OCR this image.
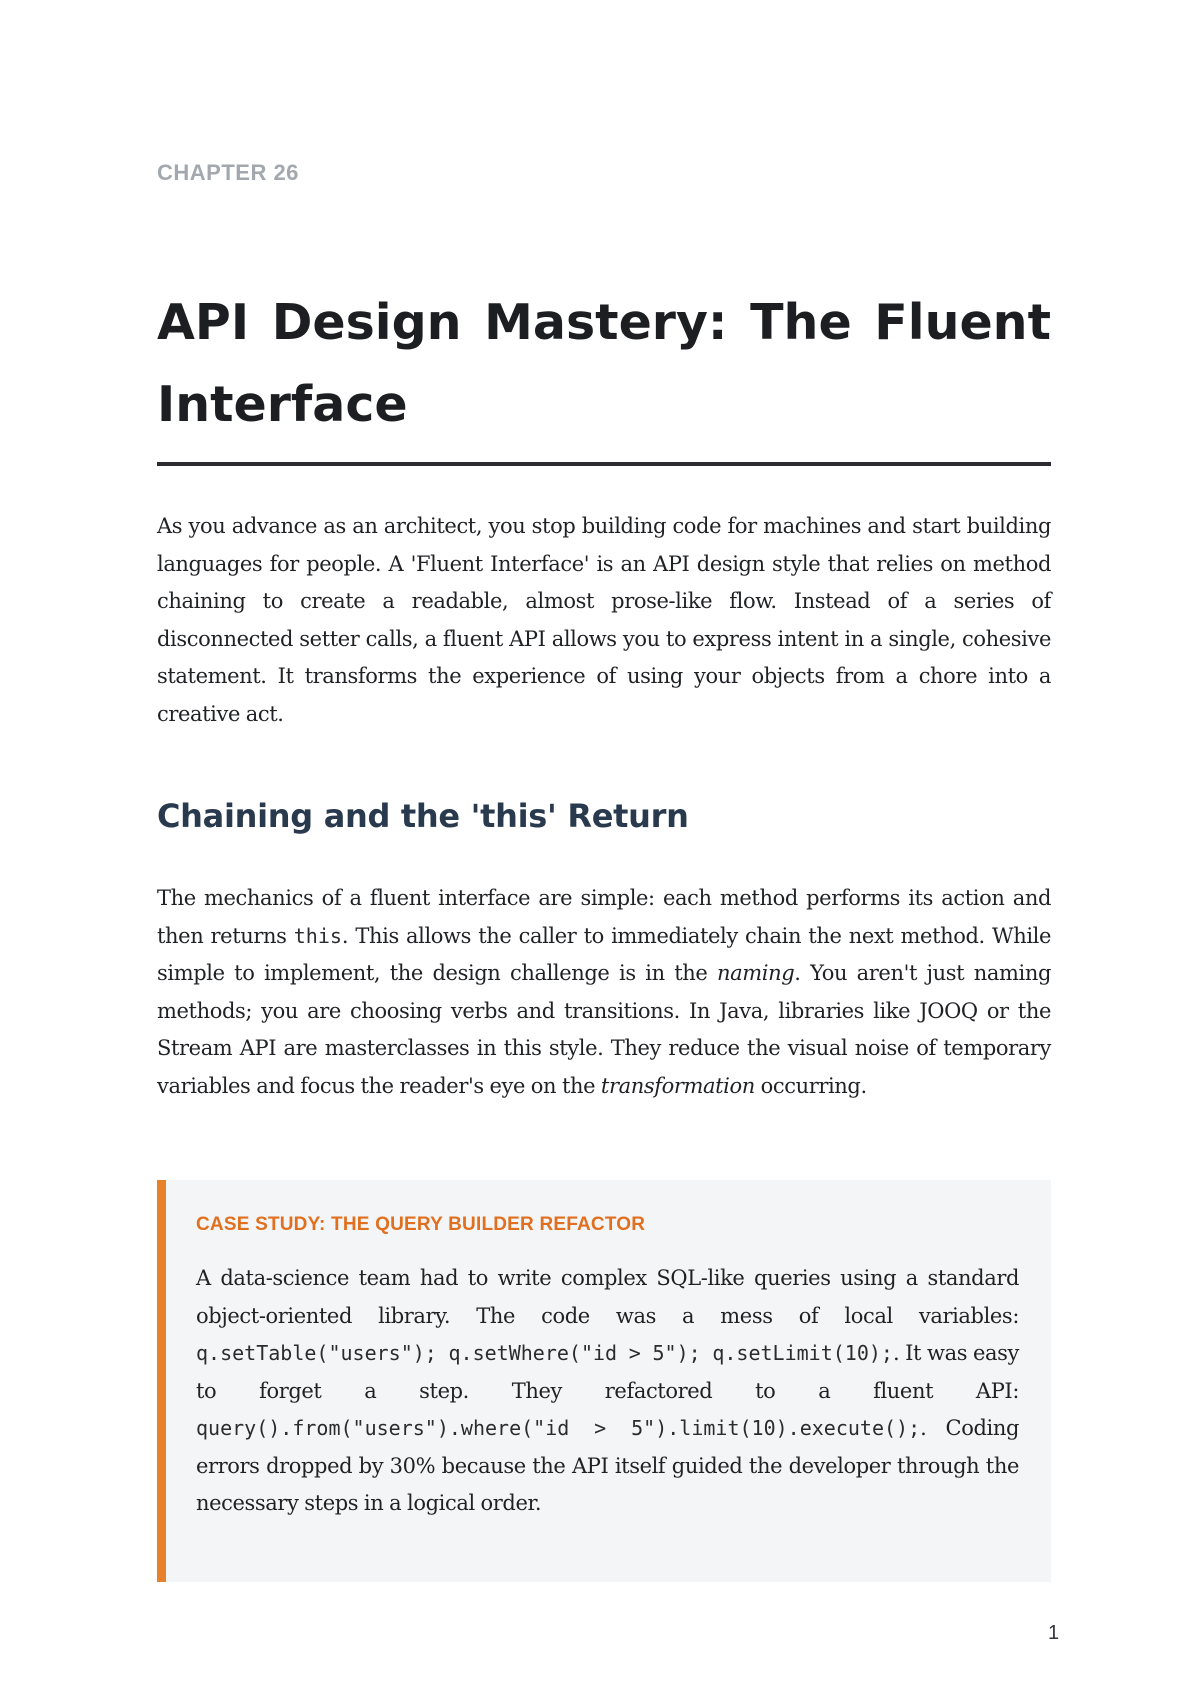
CHAPTER 26
API Design Mastery: The Fluent Interface

As you advance as an architect, you stop building code for machines and start building languages for people. A 'Fluent Interface' is an API design style that relies on method chaining to create a readable, almost prose-like flow. Instead of a series of disconnected setter calls, a fluent API allows you to express intent in a single, cohesive statement. It transforms the experience of using your objects from a chore into a creative act.

Chaining and the 'this' Return

The mechanics of a fluent interface are simple: each method performs its action and then returns this. This allows the caller to immediately chain the next method. While simple to implement, the design challenge is in the naming. You aren't just naming methods; you are choosing verbs and transitions. In Java, libraries like JOOQ or the Stream API are masterclasses in this style. They reduce the visual noise of temporary variables and focus the reader's eye on the transformation occurring.

CASE STUDY: THE QUERY BUILDER REFACTOR

A data-science team had to write complex SQL-like queries using a standard object-oriented library. The code was a mess of local variables: q.setTable("users"); q.setWhere("id > 5"); q.setLimit(10);. It was easy to forget a step. They refactored to a fluent API: query().from("users").where("id > 5").limit(10).execute();. Coding errors dropped by 30% because the API itself guided the developer through the necessary steps in a logical order.

1
